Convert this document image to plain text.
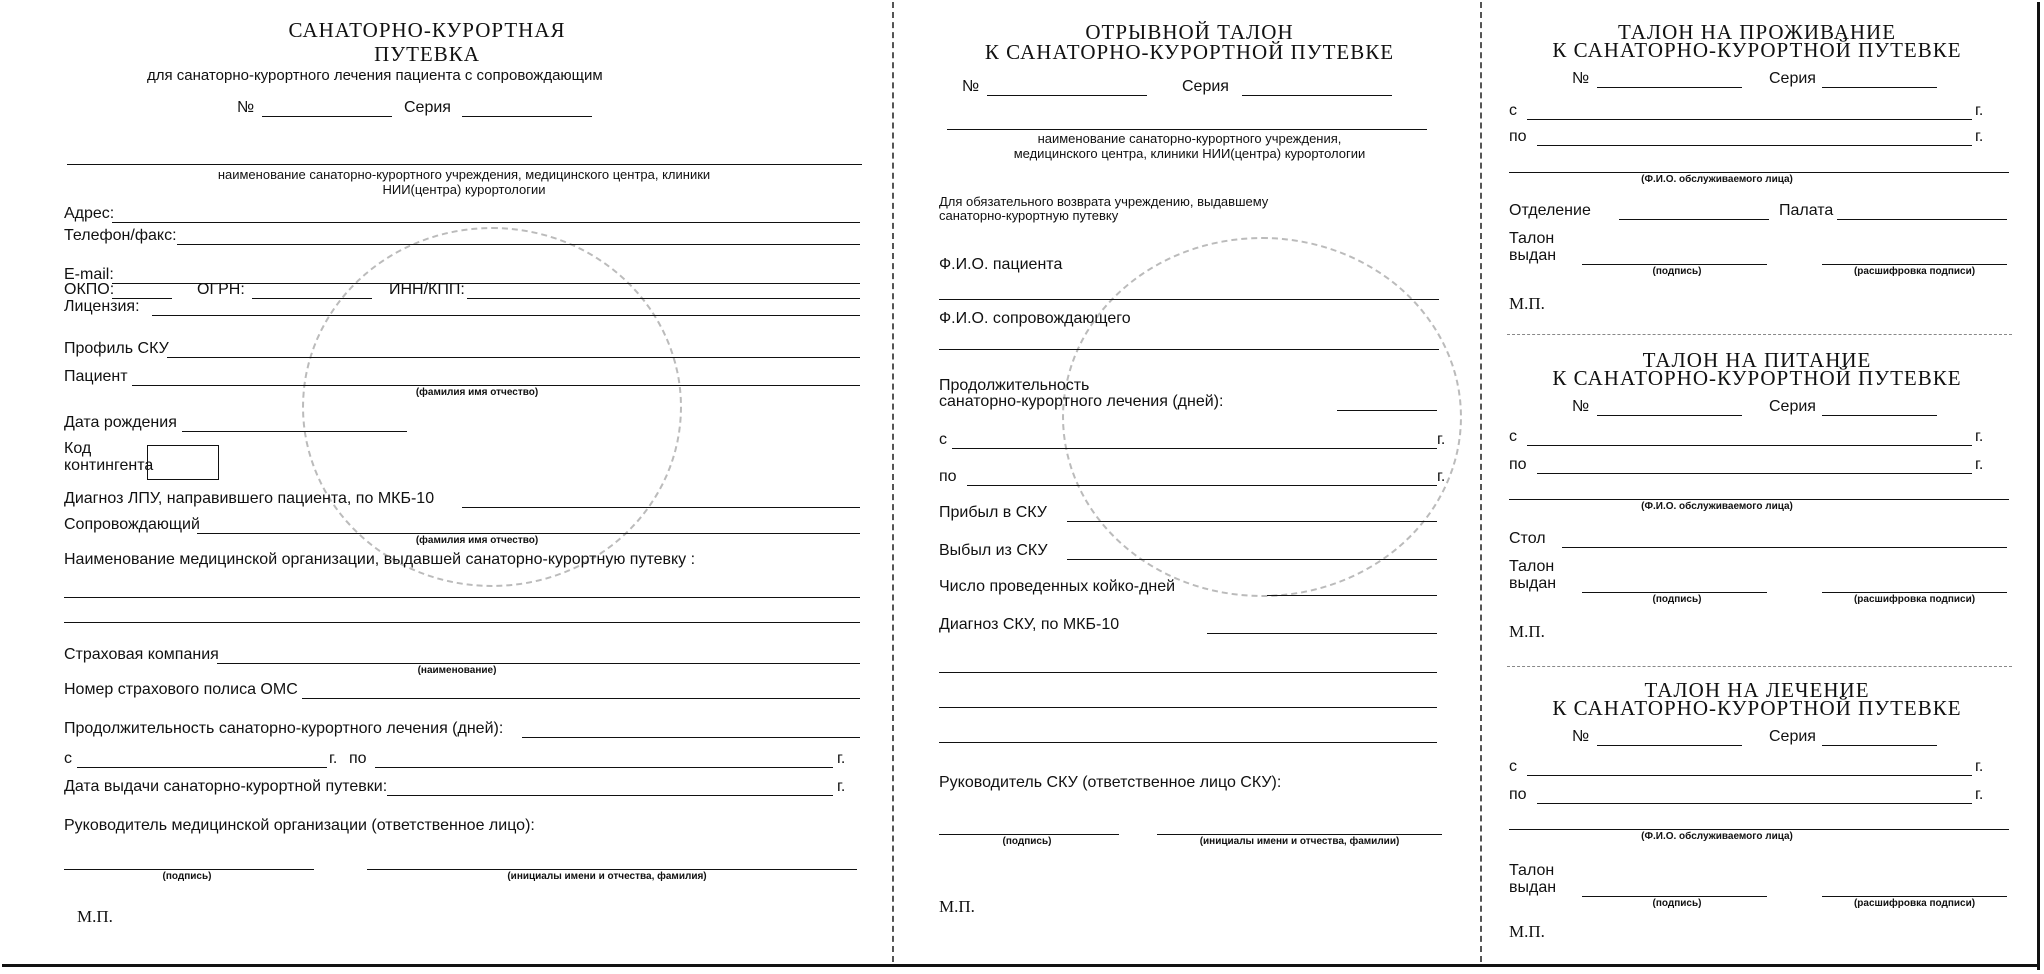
САНАТОРНО-КУРОРТНАЯ
ПУТЕВКА
для санаторно-курортного лечения пациента с сопровождающим
№	Серия
наименование санаторно-курортного учреждения, медицинского центра, клиники
НИИ(центра) курортологии
Адрес:
Телефон/факс:
E-mail:
ОКПО:	ОГРН:	ИНН/КПП:
Лицензия:
Профиль СКУ
Пациент
(фамилия имя отчество)
Дата рождения
Код
контингента
Диагноз ЛПУ, направившего пациента, по МКБ-10
Сопровождающий
(фамилия имя отчество)
Наименование медицинской организации, выдавшей санаторно-курортную путевку :
Страховая компания
(наименование)
Номер страхового полиса ОМС
Продолжительность санаторно-курортного лечения (дней):
с	г. по	г.
Дата выдачи санаторно-курортной путевки:	г.
Руководитель медицинской организации (ответственное лицо):
(подпись)	(инициалы имени и отчества, фамилия)
М.П.
ОТРЫВНОЙ ТАЛОН
К САНАТОРНО-КУРОРТНОЙ ПУТЕВКЕ
№	Серия
наименование санаторно-курортного учреждения,
медицинского центра, клиники НИИ(центра) курортологии
Для обязательного возврата учреждению, выдавшему
санаторно-курортную путевку
Ф.И.О. пациента
Ф.И.О. сопровождающего
Продолжительность
санаторно-курортного лечения (дней):
с	г.
по	г.
Прибыл в СКУ
Выбыл из СКУ
Число проведенных койко-дней
Диагноз СКУ, по МКБ-10
Руководитель СКУ (ответственное лицо СКУ):
(подпись)	(инициалы имени и отчества, фамилии)
М.П.
ТАЛОН НА ПРОЖИВАНИЕ
К САНАТОРНО-КУРОРТНОЙ ПУТЕВКЕ
№	Серия
с	г.
по	г.
(Ф.И.О. обслуживаемого лица)
Отделение	Палата
Талон
выдан
(подпись)	(расшифровка подписи)
М.П.
ТАЛОН НА ПИТАНИЕ
К САНАТОРНО-КУРОРТНОЙ ПУТЕВКЕ
№	Серия
с	г.
по	г.
(Ф.И.О. обслуживаемого лица)
Стол
Талон
выдан
(подпись)	(расшифровка подписи)
М.П.
ТАЛОН НА ЛЕЧЕНИЕ
К САНАТОРНО-КУРОРТНОЙ ПУТЕВКЕ
№	Серия
с	г.
по	г.
(Ф.И.О. обслуживаемого лица)
Талон
выдан
(подпись)	(расшифровка подписи)
М.П.
